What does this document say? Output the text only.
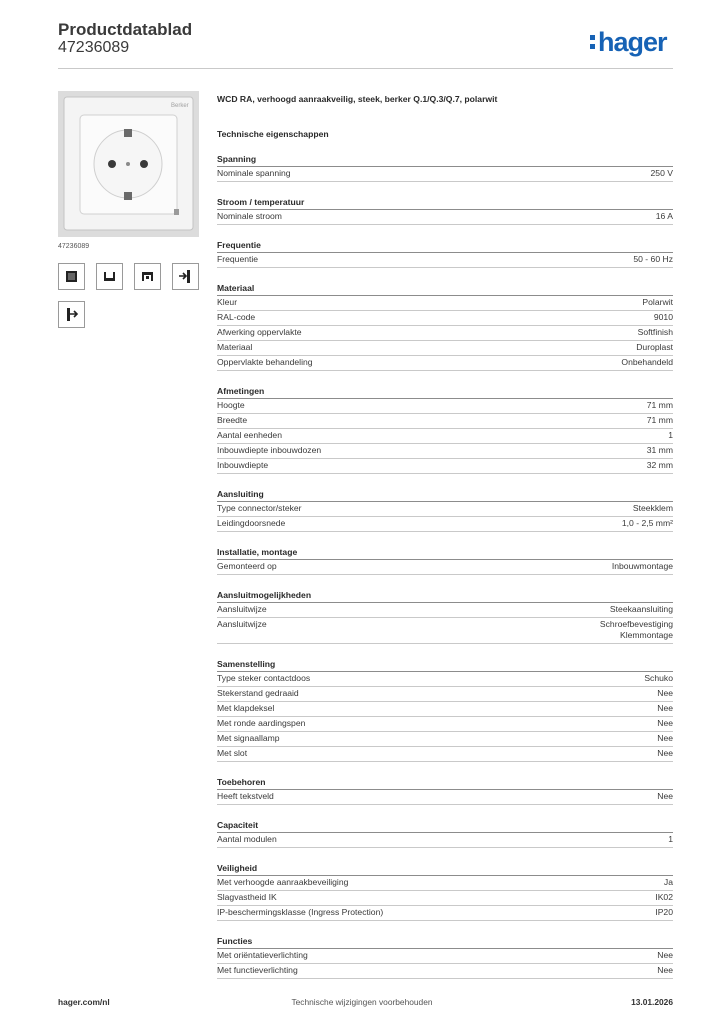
Productdatablad
47236089	hager
Berker
47236089
WCD RA, verhoogd aanraakveilig, steek, berker Q.1/Q.3/Q.7, polarwit
Technische eigenschappen
Spanning
Nominale spanning	250 V
Stroom / temperatuur
Nominale stroom	16 A
Frequentie
Frequentie	50 - 60 Hz
Materiaal
Kleur	Polarwit
RAL-code	9010
Afwerking oppervlakte	Softfinish
Materiaal	Duroplast
Oppervlakte behandeling	Onbehandeld
Afmetingen
Hoogte	71 mm
Breedte	71 mm
Aantal eenheden	1
Inbouwdiepte inbouwdozen	31 mm
Inbouwdiepte	32 mm
Aansluiting
Type connector/steker	Steekklem
Leidingdoorsnede	1,0 - 2,5 mm²
Installatie, montage
Gemonteerd op	Inbouwmontage
Aansluitmogelijkheden
Aansluitwijze	Steekaansluiting
Aansluitwijze	Schroefbevestiging
Klemmontage
Samenstelling
Type steker contactdoos	Schuko
Stekerstand gedraaid	Nee
Met klapdeksel	Nee
Met ronde aardingspen	Nee
Met signaallamp	Nee
Met slot	Nee
Toebehoren
Heeft tekstveld	Nee
Capaciteit
Aantal modulen	1
Veiligheid
Met verhoogde aanraakbeveiliging	Ja
Slagvastheid IK	IK02
IP-beschermingsklasse (Ingress Protection)	IP20
Functies
Met oriëntatieverlichting	Nee
Met functieverlichting	Nee
hager.com/nl	Technische wijzigingen voorbehouden	13.01.2026
